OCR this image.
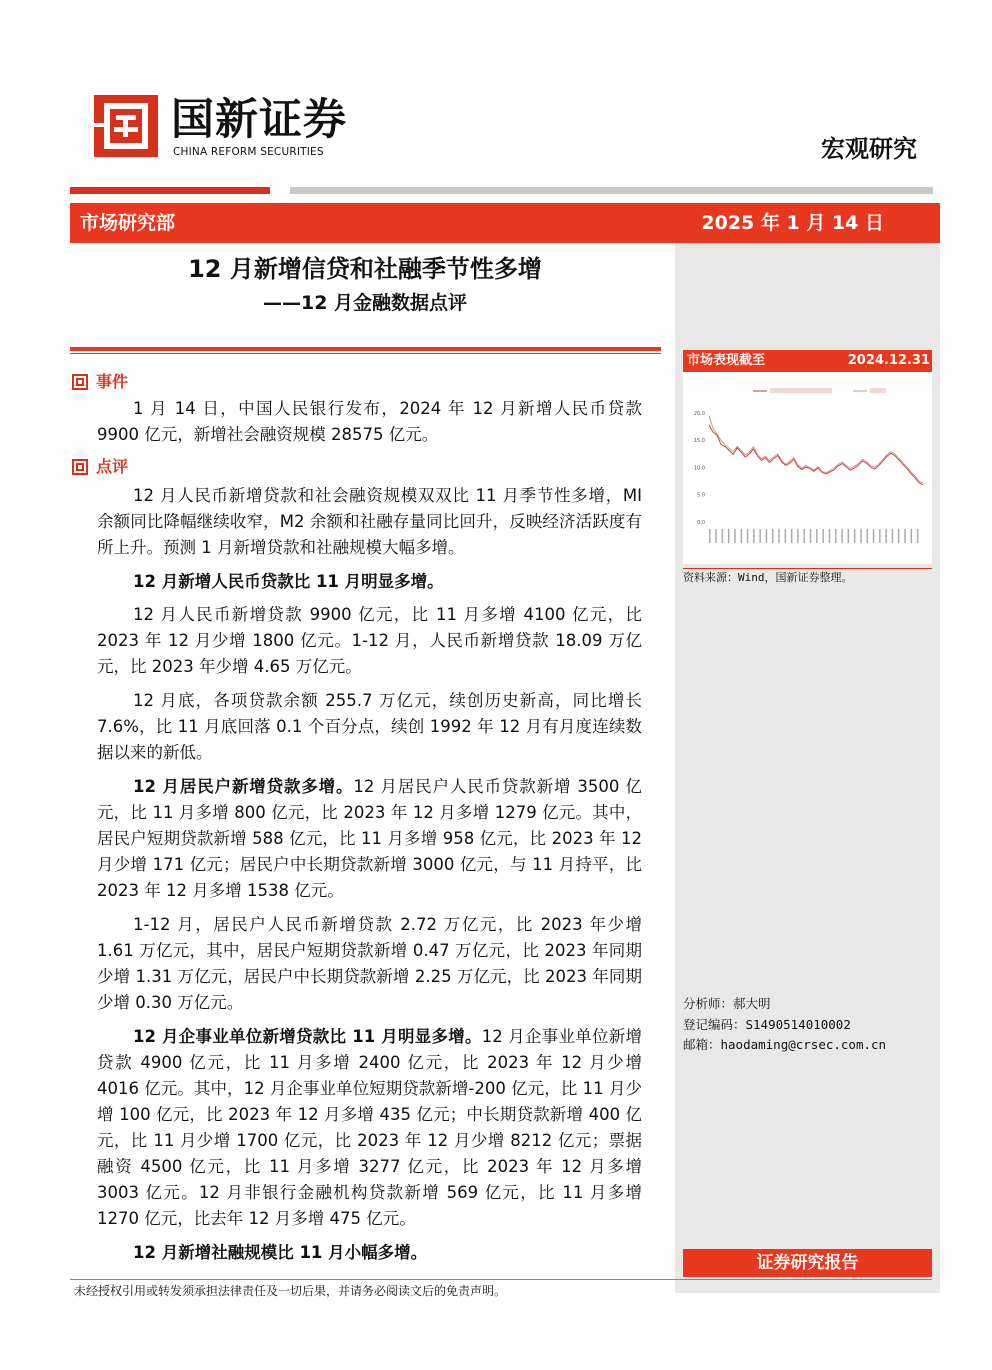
国新证券
CHINA REFORM SECURITIES	宏观研究
市场研究部	2025 年 1 月 14 日
市场表现截至	2024.12.31
20.0
15.0
10.0
5.0
0.0
资料来源：Wind，国新证券整理。
分析师：郝大明
登记编码：S1490514010002
邮箱：haodaming@crsec.com.cn
证券研究报告
12 月新增信贷和社融季节性多增
——12 月金融数据点评
事件

1 月 14 日，中国人民银行发布，2024 年 12 月新增人民币贷款 9900 亿元，新增社会融资规模 28575 亿元。

点评

12 月人民币新增贷款和社会融资规模双双比 11 月季节性多增，MI 余额同比降幅继续收窄，M2 余额和社融存量同比回升，反映经济活跃度有所上升。预测 1 月新增贷款和社融规模大幅多增。

12 月新增人民币贷款比 11 月明显多增。

12 月人民币新增贷款 9900 亿元，比 11 月多增 4100 亿元，比 2023 年 12 月少增 1800 亿元。1-12 月，人民币新增贷款 18.09 万亿元，比 2023 年少增 4.65 万亿元。

12 月底，各项贷款余额 255.7 万亿元，续创历史新高，同比增长 7.6%，比 11 月底回落 0.1 个百分点，续创 1992 年 12 月有月度连续数据以来的新低。

12 月居民户新增贷款多增。12 月居民户人民币贷款新增 3500 亿元，比 11 月多增 800 亿元，比 2023 年 12 月多增 1279 亿元。其中，居民户短期贷款新增 588 亿元，比 11 月多增 958 亿元，比 2023 年 12 月少增 171 亿元；居民户中长期贷款新增 3000 亿元，与 11 月持平，比 2023 年 12 月多增 1538 亿元。

1-12 月，居民户人民币新增贷款 2.72 万亿元，比 2023 年少增 1.61 万亿元，其中，居民户短期贷款新增 0.47 万亿元，比 2023 年同期少增 1.31 万亿元，居民户中长期贷款新增 2.25 万亿元，比 2023 年同期少增 0.30 万亿元。

12 月企事业单位新增贷款比 11 月明显多增。12 月企事业单位新增贷款 4900 亿元，比 11 月多增 2400 亿元，比 2023 年 12 月少增 4016 亿元。其中，12 月企事业单位短期贷款新增-200 亿元，比 11 月少增 100 亿元，比 2023 年 12 月多增 435 亿元；中长期贷款新增 400 亿元，比 11 月少增 1700 亿元，比 2023 年 12 月少增 8212 亿元；票据融资 4500 亿元，比 11 月多增 3277 亿元，比 2023 年 12 月多增 3003 亿元。12 月非银行金融机构贷款新增 569 亿元，比 11 月多增 1270 亿元，比去年 12 月多增 475 亿元。

12 月新增社融规模比 11 月小幅多增。

未经授权引用或转发须承担法律责任及一切后果，并请务必阅读文后的免责声明。
